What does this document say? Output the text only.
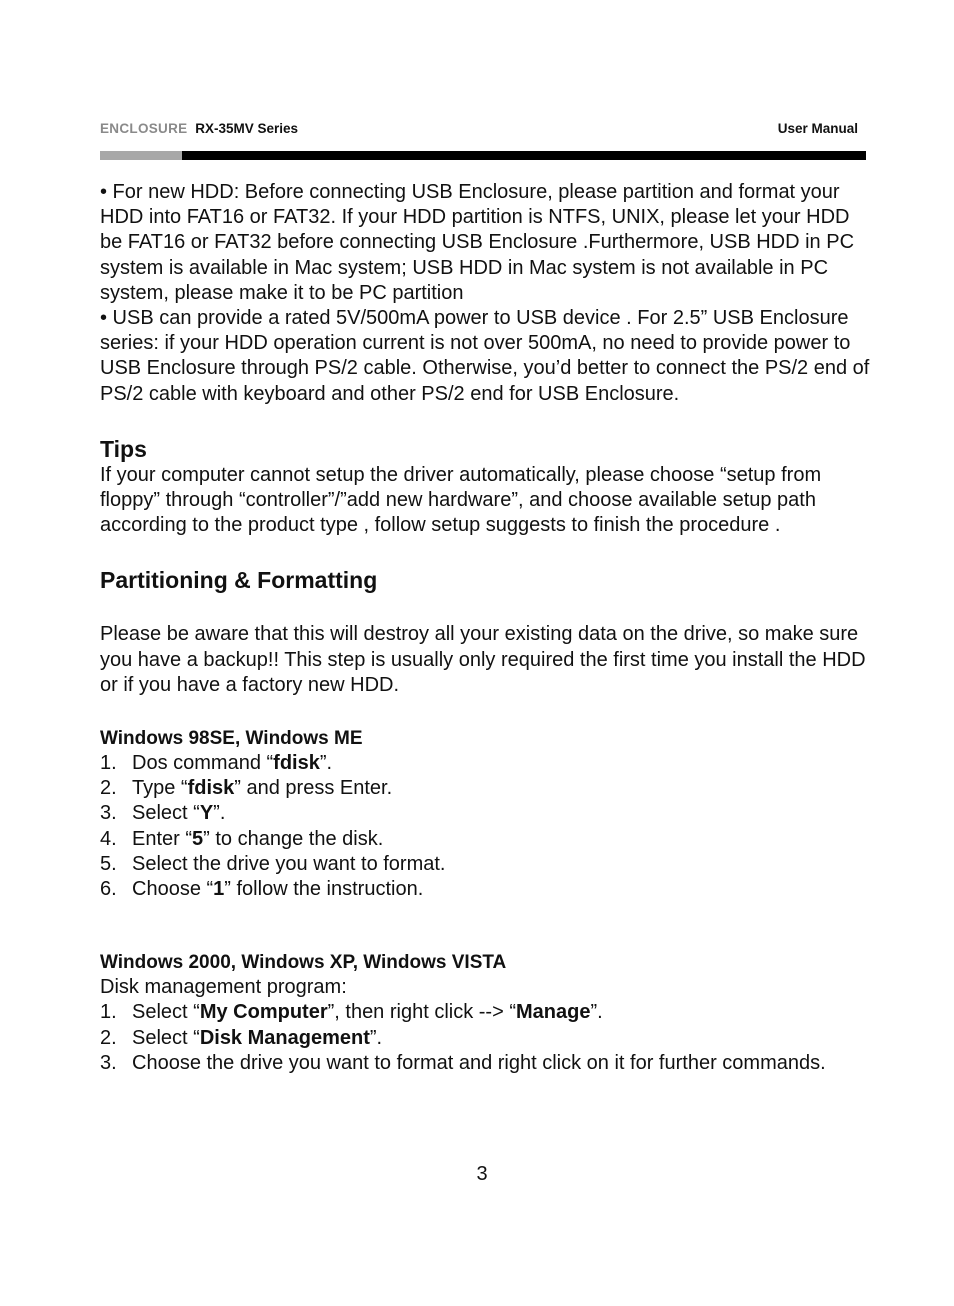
ENCLOSURE RX-35MV Series	User Manual

• For new HDD: Before connecting USB Enclosure, please partition and format your HDD into FAT16 or FAT32. If your HDD partition is NTFS, UNIX, please let your HDD be FAT16 or FAT32 before connecting USB Enclosure .Furthermore, USB HDD in PC system is available in Mac system; USB HDD in Mac system is not available in PC system, please make it to be PC partition

• USB can provide a rated 5V/500mA power to USB device . For 2.5” USB Enclosure series: if your HDD operation current is not over 500mA, no need to provide power to USB Enclosure through PS/2 cable. Otherwise, you’d better to connect the PS/2 end of PS/2 cable with keyboard and other PS/2 end for USB Enclosure.

Tips

If your computer cannot setup the driver automatically, please choose “setup from floppy” through “controller”/”add new hardware”, and choose available setup path according to the product type , follow setup suggests to finish the procedure .

Partitioning & Formatting

Please be aware that this will destroy all your existing data on the drive, so make sure you have a backup!! This step is usually only required the first time you install the HDD or if you have a factory new HDD.

Windows 98SE, Windows ME
1. Dos command “fdisk”.
2. Type “fdisk” and press Enter.
3. Select “Y”.
4. Enter “5” to change the disk.
5. Select the drive you want to format.
6. Choose “1” follow the instruction.
Windows 2000, Windows XP, Windows VISTA

Disk management program:

1. Select “My Computer”, then right click --> “Manage”.
2. Select “Disk Management”.
3. Choose the drive you want to format and right click on it for further commands.
3
